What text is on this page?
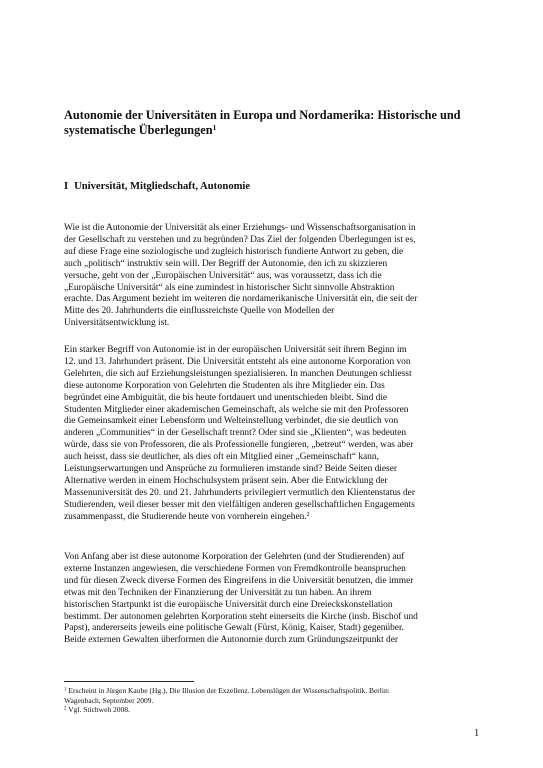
Autonomie der Universitäten in Europa und Nordamerika: Historische und
systematische Überlegungen$^1$
I Universität, Mitgliedschaft, Autonomie

Wie ist die Autonomie der Universität als einer Erziehungs- und Wissenschaftsorganisation in
der Gesellschaft zu verstehen und zu begründen? Das Ziel der folgenden Überlegungen ist es,
auf diese Frage eine soziologische und zugleich historisch fundierte Antwort zu geben, die
auch „politisch“ instruktiv sein will. Der Begriff der Autonomie, den ich zu skizzieren
versuche, geht von der „Europäischen Universität“ aus, was voraussetzt, dass ich die
„Europäische Universität“ als eine zumindest in historischer Sicht sinnvolle Abstraktion
erachte. Das Argument bezieht im weiteren die nordamerikanische Universität ein, die seit der
Mitte des 20. Jahrhunderts die einflussreichste Quelle von Modellen der
Universitätsentwicklung ist.

Ein starker Begriff von Autonomie ist in der europäischen Universität seit ihrem Beginn im
12. und 13. Jahrhundert präsent. Die Universität entsteht als eine autonome Korporation von
Gelehrten, die sich auf Erziehungsleistungen spezialisieren. In manchen Deutungen schliesst
diese autonome Korporation von Gelehrten die Studenten als ihre Mitglieder ein. Das
begründet eine Ambiguität, die bis heute fortdauert und unentschieden bleibt. Sind die
Studenten Mitglieder einer akademischen Gemeinschaft, als welche sie mit den Professoren
die Gemeinsamkeit einer Lebensform und Welteinstellung verbindet, die sie deutlich von
anderen „Communities“ in der Gesellschaft trennt? Oder sind sie „Klienten“, was bedeuten
würde, dass sie von Professoren, die als Professionelle fungieren, „betreut“ werden, was aber
auch heisst, dass sie deutlicher, als dies oft ein Mitglied einer „Gemeinschaft“ kann,
Leistungserwartungen und Ansprüche zu formulieren imstande sind? Beide Seiten dieser
Alternative werden in einem Hochschulsystem präsent sein. Aber die Entwicklung der
Massenuniversität des 20. und 21. Jahrhunderts privilegiert vermutlich den Klientenstatus der
Studierenden, weil dieser besser mit den vielfältigen anderen gesellschaftlichen Engagements
zusammenpasst, die Studierende heute von vornherein eingehen.$^2$

Von Anfang aber ist diese autonome Korporation der Gelehrten (und der Studierenden) auf
externe Instanzen angewiesen, die verschiedene Formen von Fremdkontrolle beanspruchen
und für diesen Zweck diverse Formen des Eingreifens in die Universität benutzen, die immer
etwas mit den Techniken der Finanzierung der Universität zu tun haben. An ihrem
historischen Startpunkt ist die europäische Universität durch eine Dreieckskonstellation
bestimmt. Der autonomen gelehrten Korporation steht einerseits die Kirche (insb. Bischof und
Papst), andererseits jeweils eine politische Gewalt (Fürst, König, Kaiser, Stadt) gegenüber.
Beide externen Gewalten überformen die Autonomie durch zum Gründungszeitpunkt der

$^1$ Erscheint in Jürgen Kaube (Hg.), Die Illusion der Exzellenz. Lebenslügen der Wissenschaftspolitik. Berlin:
Wagenbach, September 2009.
$^2$ Vgl. Stichweh 2008.
1
